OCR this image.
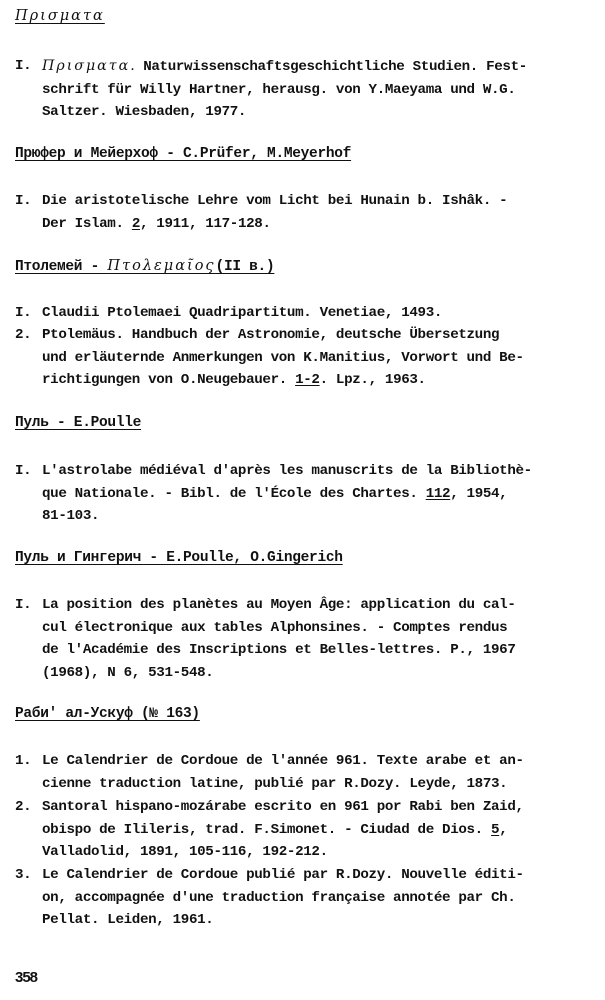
Πρισματα
I. Πρισματα. Naturwissenschaftsgeschichtliche Studien. Fest-
schrift für Willy Hartner, herausg. von Y.Maeyama und W.G.
Saltzer. Wiesbaden, 1977.
Прюфер и Мейерхоф - C.Prüfer, M.Meyerhof
I. Die aristotelische Lehre vom Licht bei Hunain b. Ishâk. -
Der Islam. 2, 1911, 117-128.
Птолемей - Πτολεμαῖος(II в.)
I. Claudii Ptolemaei Quadripartitum. Venetiae, 1493.
2. Ptolemäus. Handbuch der Astronomie, deutsche Übersetzung
und erläuternde Anmerkungen von K.Manitius, Vorwort und Be-
richtigungen von O.Neugebauer. 1-2. Lpz., 1963.
Пуль - E.Poulle
I. L'astrolabe médiéval d'après les manuscrits de la Bibliothè-
que Nationale. - Bibl. de l'École des Chartes. 112, 1954,
81-103.
Пуль и Гингерич - E.Poulle, O.Gingerich
I. La position des planètes au Moyen Âge: application du cal-
cul électronique aux tables Alphonsines. - Comptes rendus
de l'Académie des Inscriptions et Belles-lettres. P., 1967
(1968), N 6, 531-548.
Раби' ал-Ускуф (№ 163)
1. Le Calendrier de Cordoue de l'année 961. Texte arabe et an-
cienne traduction latine, publié par R.Dozy. Leyde, 1873.
2. Santoral hispano-mozárabe escrito en 961 por Rabi ben Zaid,
obispo de Ilileris, trad. F.Simonet. - Ciudad de Dios. 5,
Valladolid, 1891, 105-116, 192-212.
3. Le Calendrier de Cordoue publié par R.Dozy. Nouvelle éditi-
on, accompagnée d'une traduction française annotée par Ch.
Pellat. Leiden, 1961.
358
